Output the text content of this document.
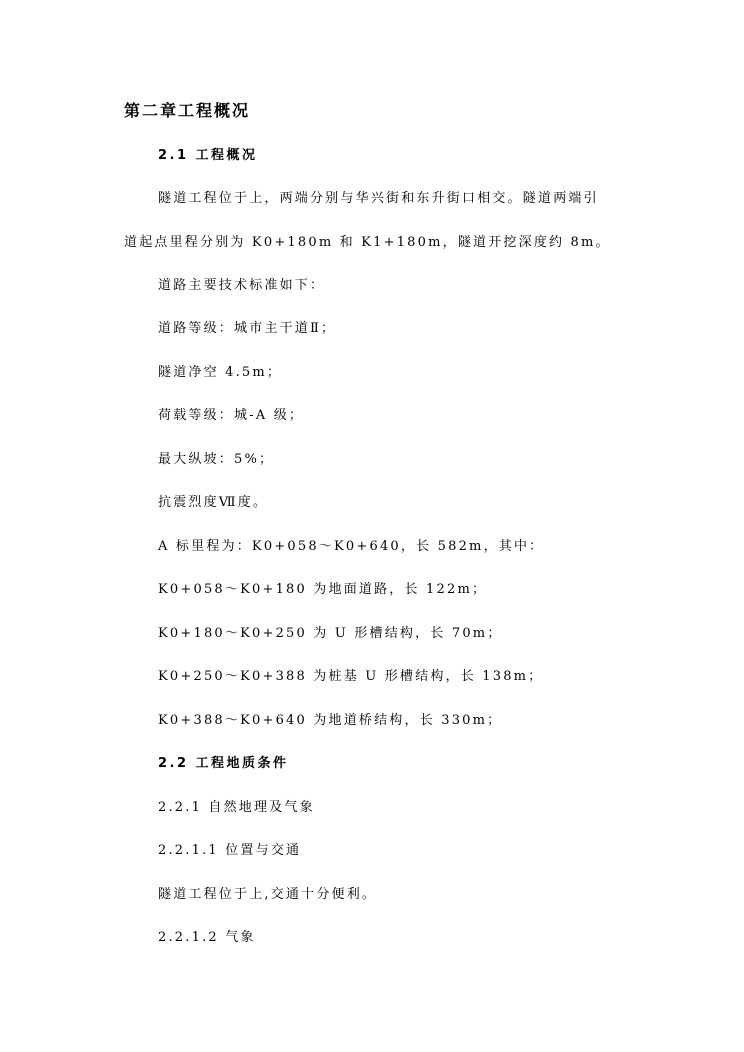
第二章工程概况
2.1 工程概况
隧道工程位于上，两端分别与华兴街和东升街口相交。隧道两端引
道起点里程分别为 K0+180m 和 K1+180m，隧道开挖深度约 8m。
道路主要技术标准如下：
道路等级：城市主干道Ⅱ；
隧道净空 4.5m；
荷载等级：城-A 级；
最大纵坡：5%；
抗震烈度Ⅶ度。
A 标里程为：K0+058～K0+640，长 582m，其中：
K0+058～K0+180 为地面道路，长 122m；
K0+180～K0+250 为 U 形槽结构，长 70m；
K0+250～K0+388 为桩基 U 形槽结构，长 138m；
K0+388～K0+640 为地道桥结构，长 330m；
2.2 工程地质条件
2.2.1 自然地理及气象
2.2.1.1 位置与交通
隧道工程位于上,交通十分便利。
2.2.1.2 气象
